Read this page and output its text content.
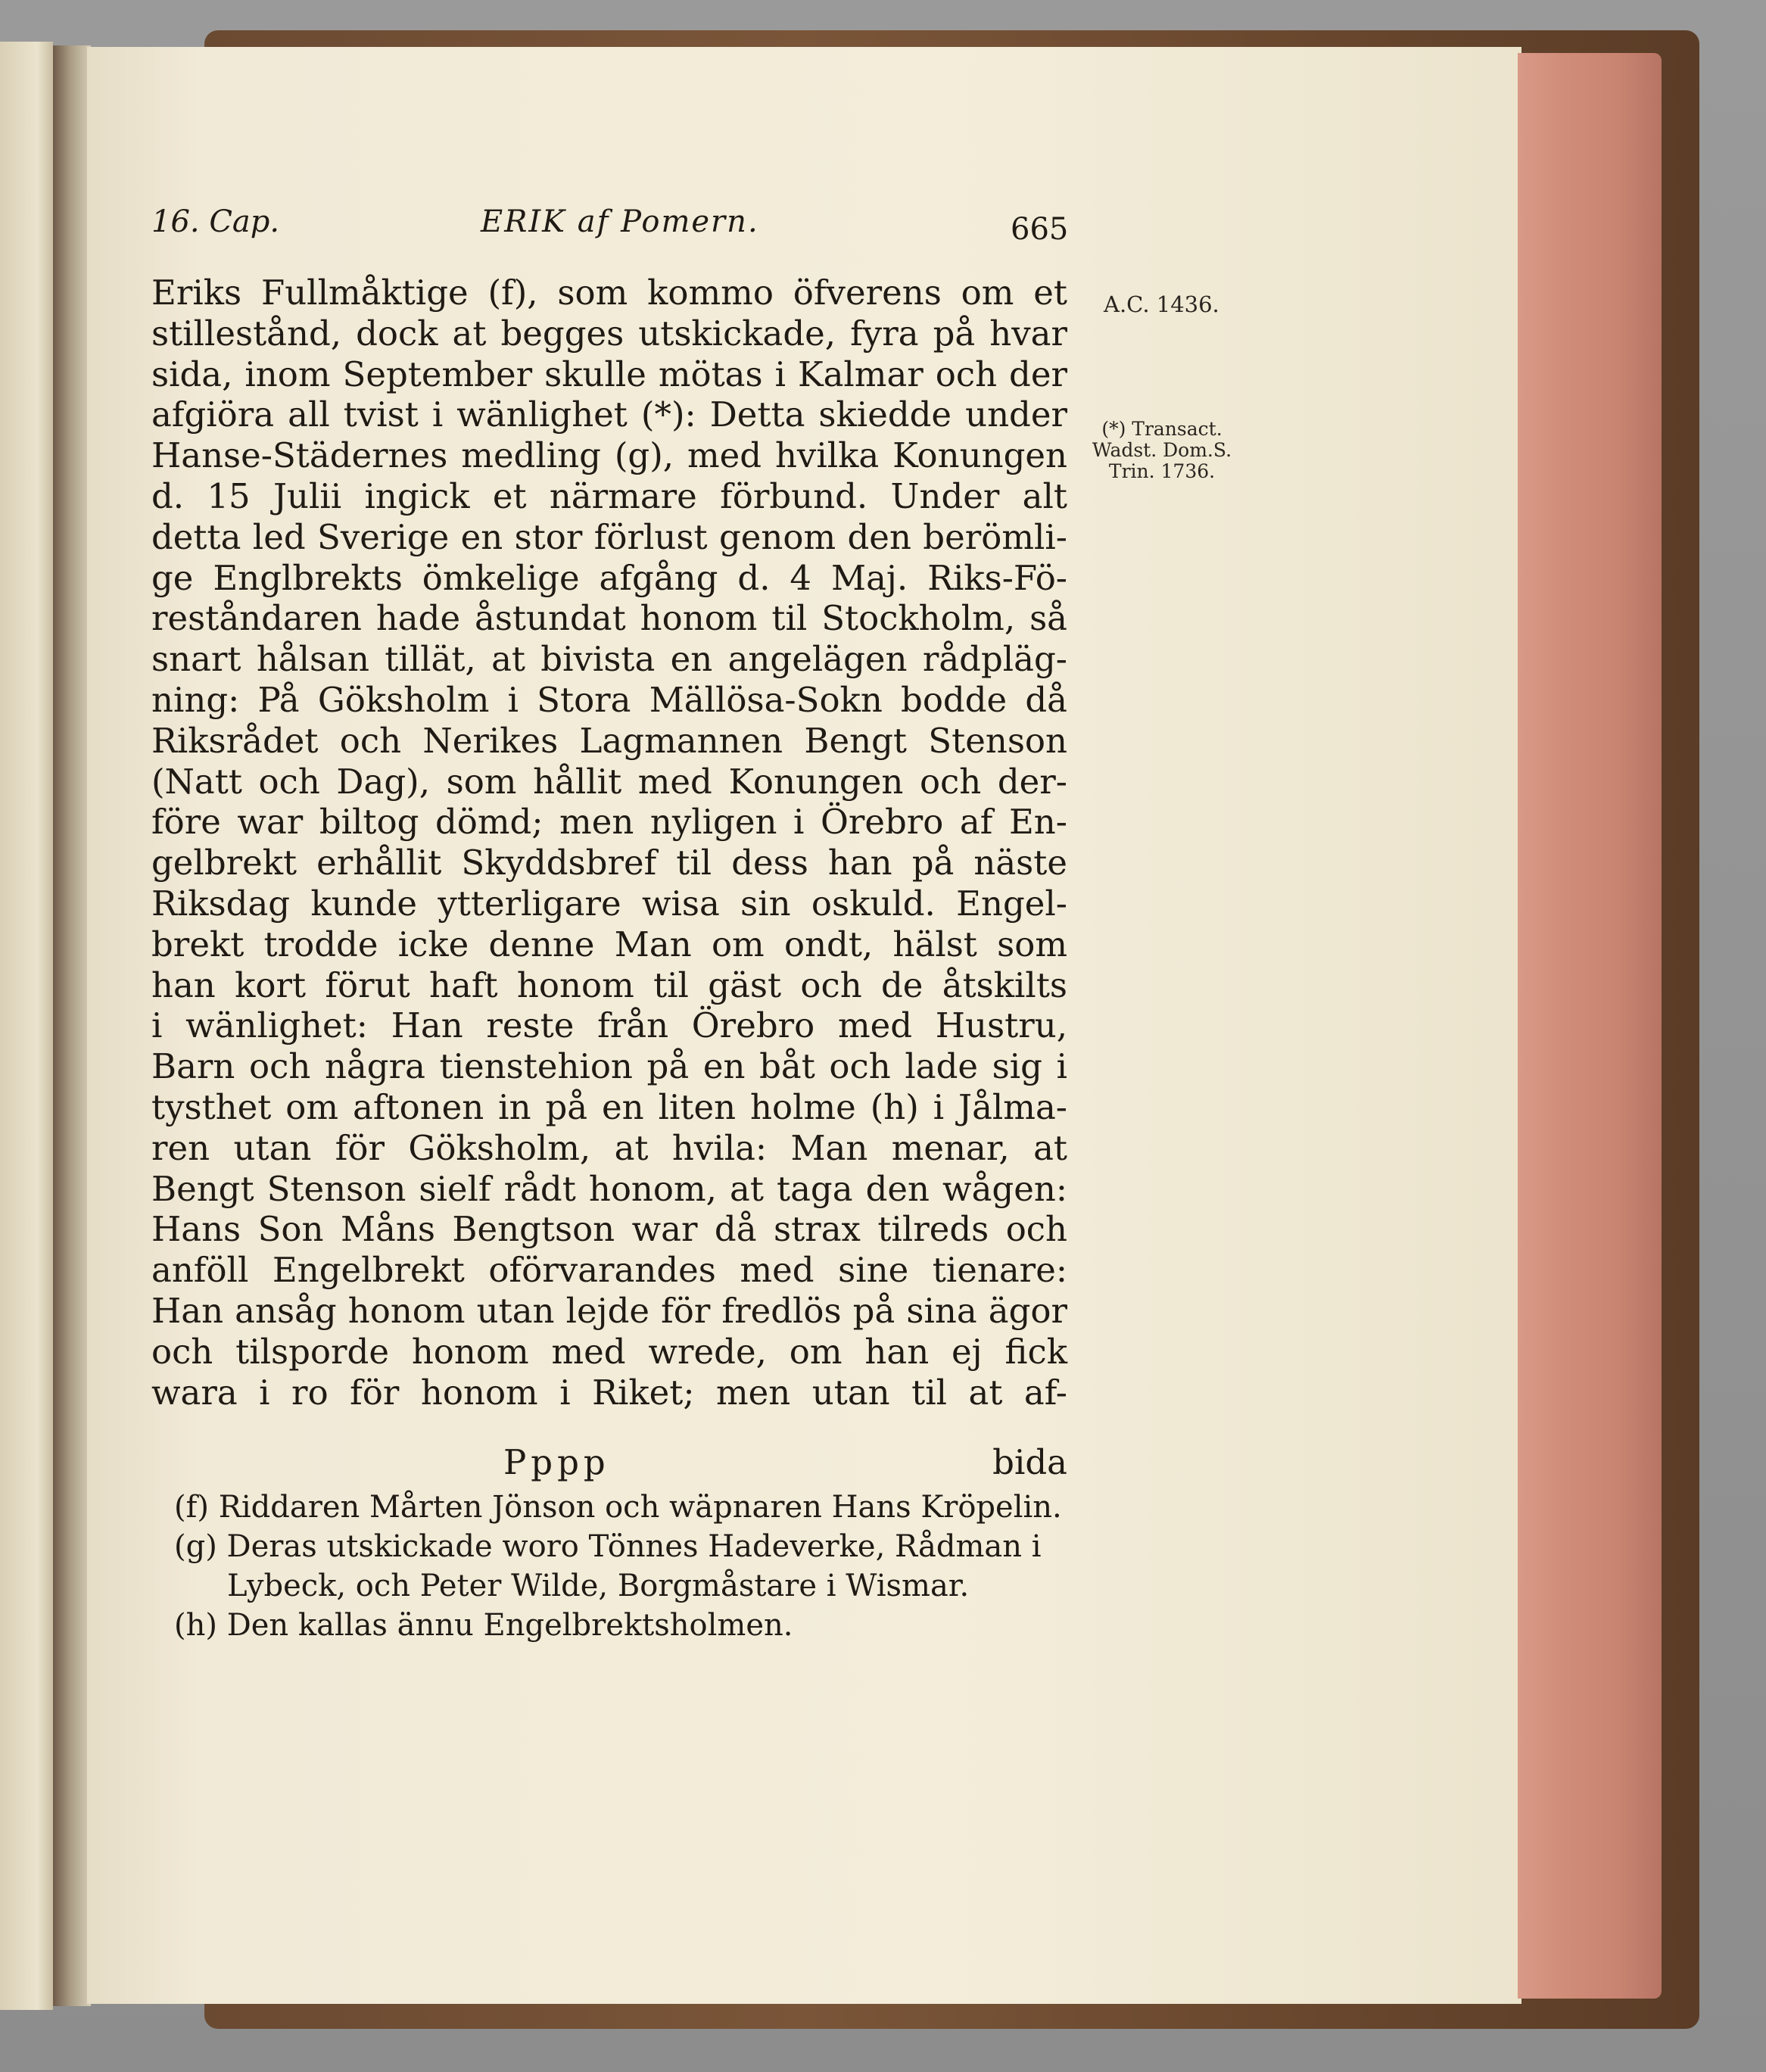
16. Cap.	ERIK af Pomern.	665
Eriks Fullmåktige (f), som kommo öfverens om et
stillestånd, dock at begges utskickade, fyra på hvar
sida, inom September skulle mötas i Kalmar och der
afgiöra all tvist i wänlighet (*): Detta skiedde under
Hanse-Städernes medling (g), med hvilka Konungen
d. 15 Julii ingick et närmare förbund. Under alt
detta led Sverige en stor förlust genom den berömli-
ge Englbrekts ömkelige afgång d. 4 Maj. Riks-Fö-
reståndaren hade åstundat honom til Stockholm, så
snart hålsan tillät, at bivista en angelägen rådpläg-
ning: På Göksholm i Stora Mällösa-Sokn bodde då
Riksrådet och Nerikes Lagmannen Bengt Stenson
(Natt och Dag), som hållit med Konungen och der-
före war biltog dömd; men nyligen i Örebro af En-
gelbrekt erhållit Skyddsbref til dess han på näste
Riksdag kunde ytterligare wisa sin oskuld. Engel-
brekt trodde icke denne Man om ondt, hälst som
han kort förut haft honom til gäst och de åtskilts
i wänlighet: Han reste från Örebro med Hustru,
Barn och några tienstehion på en båt och lade sig i
tysthet om aftonen in på en liten holme (h) i Jålma-
ren utan för Göksholm, at hvila: Man menar, at
Bengt Stenson sielf rådt honom, at taga den wågen:
Hans Son Måns Bengtson war då strax tilreds och
anföll Engelbrekt oförvarandes med sine tienare:
Han ansåg honom utan lejde för fredlös på sina ägor
och tilsporde honom med wrede, om han ej fick
wara i ro för honom i Riket; men utan til at af-
Pppp	bida
(f) Riddaren Mårten Jönson och wäpnaren Hans Kröpelin.
(g) Deras utskickade woro Tönnes Hadeverke, Rådman i
Lybeck, och Peter Wilde, Borgmåstare i Wismar.
(h) Den kallas ännu Engelbrektsholmen.
A.C. 1436.
(*) Transact.
Wadst. Dom.S.
Trin. 1736.
